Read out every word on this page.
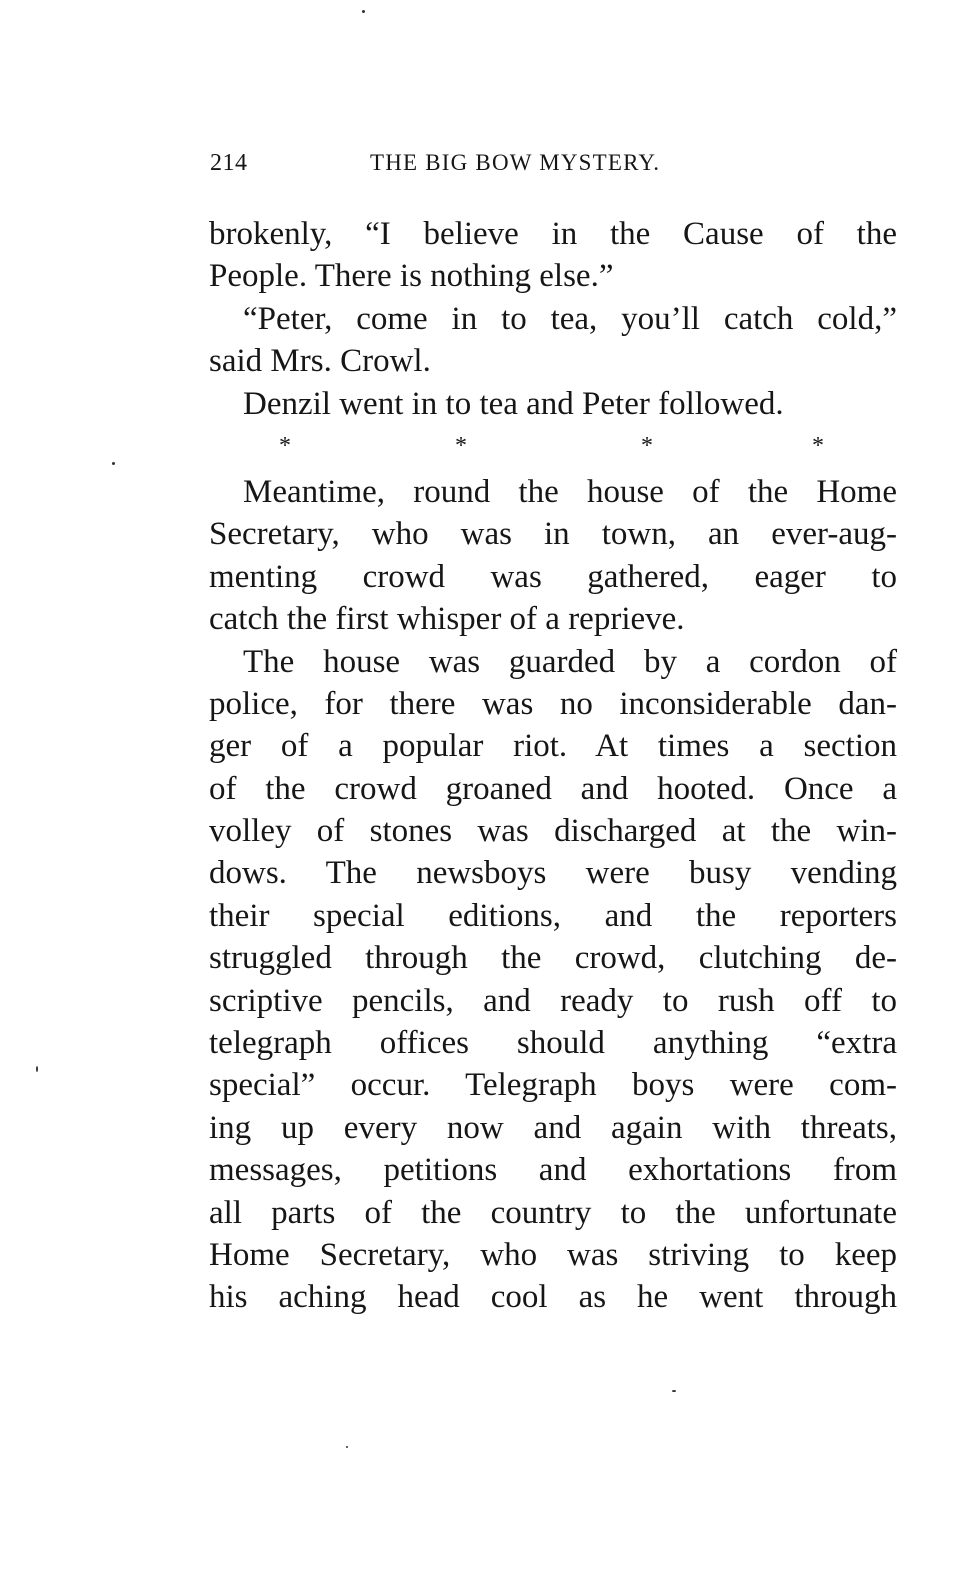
214	THE BIG BOW MYSTERY.
brokenly, “I believe in the Cause of the
People. There is nothing else.”
“Peter, come in to tea, you’ll catch cold,”
said Mrs. Crowl.
Denzil went in to tea and Peter followed.
*	*	*	*
Meantime, round the house of the Home
Secretary, who was in town, an ever-aug-
menting crowd was gathered, eager to
catch the first whisper of a reprieve.
The house was guarded by a cordon of
police, for there was no inconsiderable dan-
ger of a popular riot. At times a section
of the crowd groaned and hooted. Once a
volley of stones was discharged at the win-
dows. The newsboys were busy vending
their special editions, and the reporters
struggled through the crowd, clutching de-
scriptive pencils, and ready to rush off to
telegraph offices should anything “extra
special” occur. Telegraph boys were com-
ing up every now and again with threats,
messages, petitions and exhortations from
all parts of the country to the unfortunate
Home Secretary, who was striving to keep
his aching head cool as he went through
